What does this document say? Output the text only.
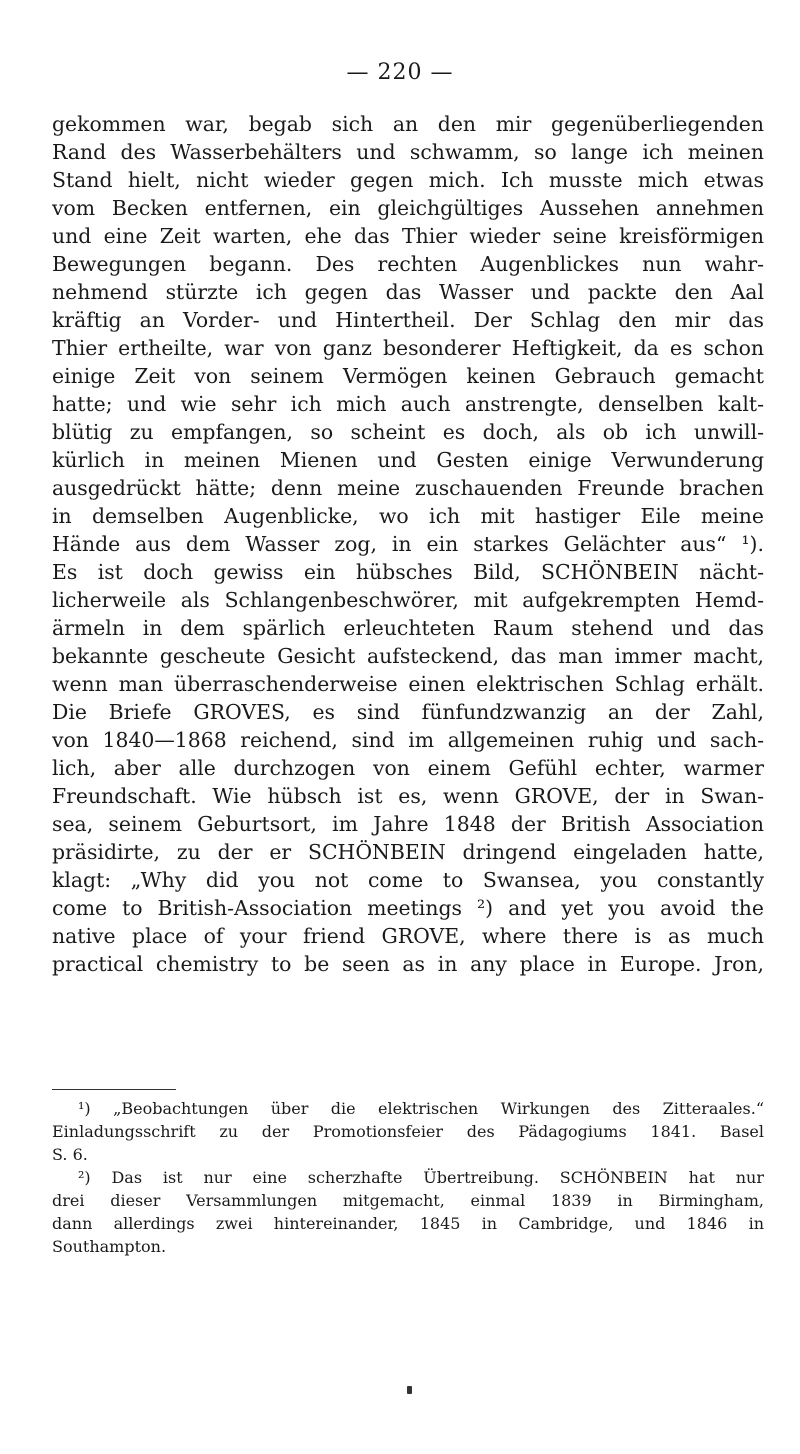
— 220 —
gekommen war, begab sich an den mir gegenüberliegenden
Rand des Wasserbehälters und schwamm, so lange ich meinen
Stand hielt, nicht wieder gegen mich. Ich musste mich etwas
vom Becken entfernen, ein gleichgültiges Aussehen annehmen
und eine Zeit warten, ehe das Thier wieder seine kreisförmigen
Bewegungen begann. Des rechten Augenblickes nun wahr-
nehmend stürzte ich gegen das Wasser und packte den Aal
kräftig an Vorder- und Hintertheil. Der Schlag den mir das
Thier ertheilte, war von ganz besonderer Heftigkeit, da es schon
einige Zeit von seinem Vermögen keinen Gebrauch gemacht
hatte; und wie sehr ich mich auch anstrengte, denselben kalt-
blütig zu empfangen, so scheint es doch, als ob ich unwill-
kürlich in meinen Mienen und Gesten einige Verwunderung
ausgedrückt hätte; denn meine zuschauenden Freunde brachen
in demselben Augenblicke, wo ich mit hastiger Eile meine
Hände aus dem Wasser zog, in ein starkes Gelächter aus“ ¹).
Es ist doch gewiss ein hübsches Bild, SCHÖNBEIN nächt-
licherweile als Schlangenbeschwörer, mit aufgekrempten Hemd-
ärmeln in dem spärlich erleuchteten Raum stehend und das
bekannte gescheute Gesicht aufsteckend, das man immer macht,
wenn man überraschenderweise einen elektrischen Schlag erhält.
Die Briefe GROVES, es sind fünfundzwanzig an der Zahl,
von 1840—1868 reichend, sind im allgemeinen ruhig und sach-
lich, aber alle durchzogen von einem Gefühl echter, warmer
Freundschaft. Wie hübsch ist es, wenn GROVE, der in Swan-
sea, seinem Geburtsort, im Jahre 1848 der British Association
präsidirte, zu der er SCHÖNBEIN dringend eingeladen hatte,
klagt: „Why did you not come to Swansea, you constantly
come to British-Association meetings ²) and yet you avoid the
native place of your friend GROVE, where there is as much
practical chemistry to be seen as in any place in Europe. Jron,
¹) „Beobachtungen über die elektrischen Wirkungen des Zitteraales.“
Einladungsschrift zu der Promotionsfeier des Pädagogiums 1841. Basel
S. 6.
²) Das ist nur eine scherzhafte Übertreibung. SCHÖNBEIN hat nur
drei dieser Versammlungen mitgemacht, einmal 1839 in Birmingham,
dann allerdings zwei hintereinander, 1845 in Cambridge, und 1846 in
Southampton.
